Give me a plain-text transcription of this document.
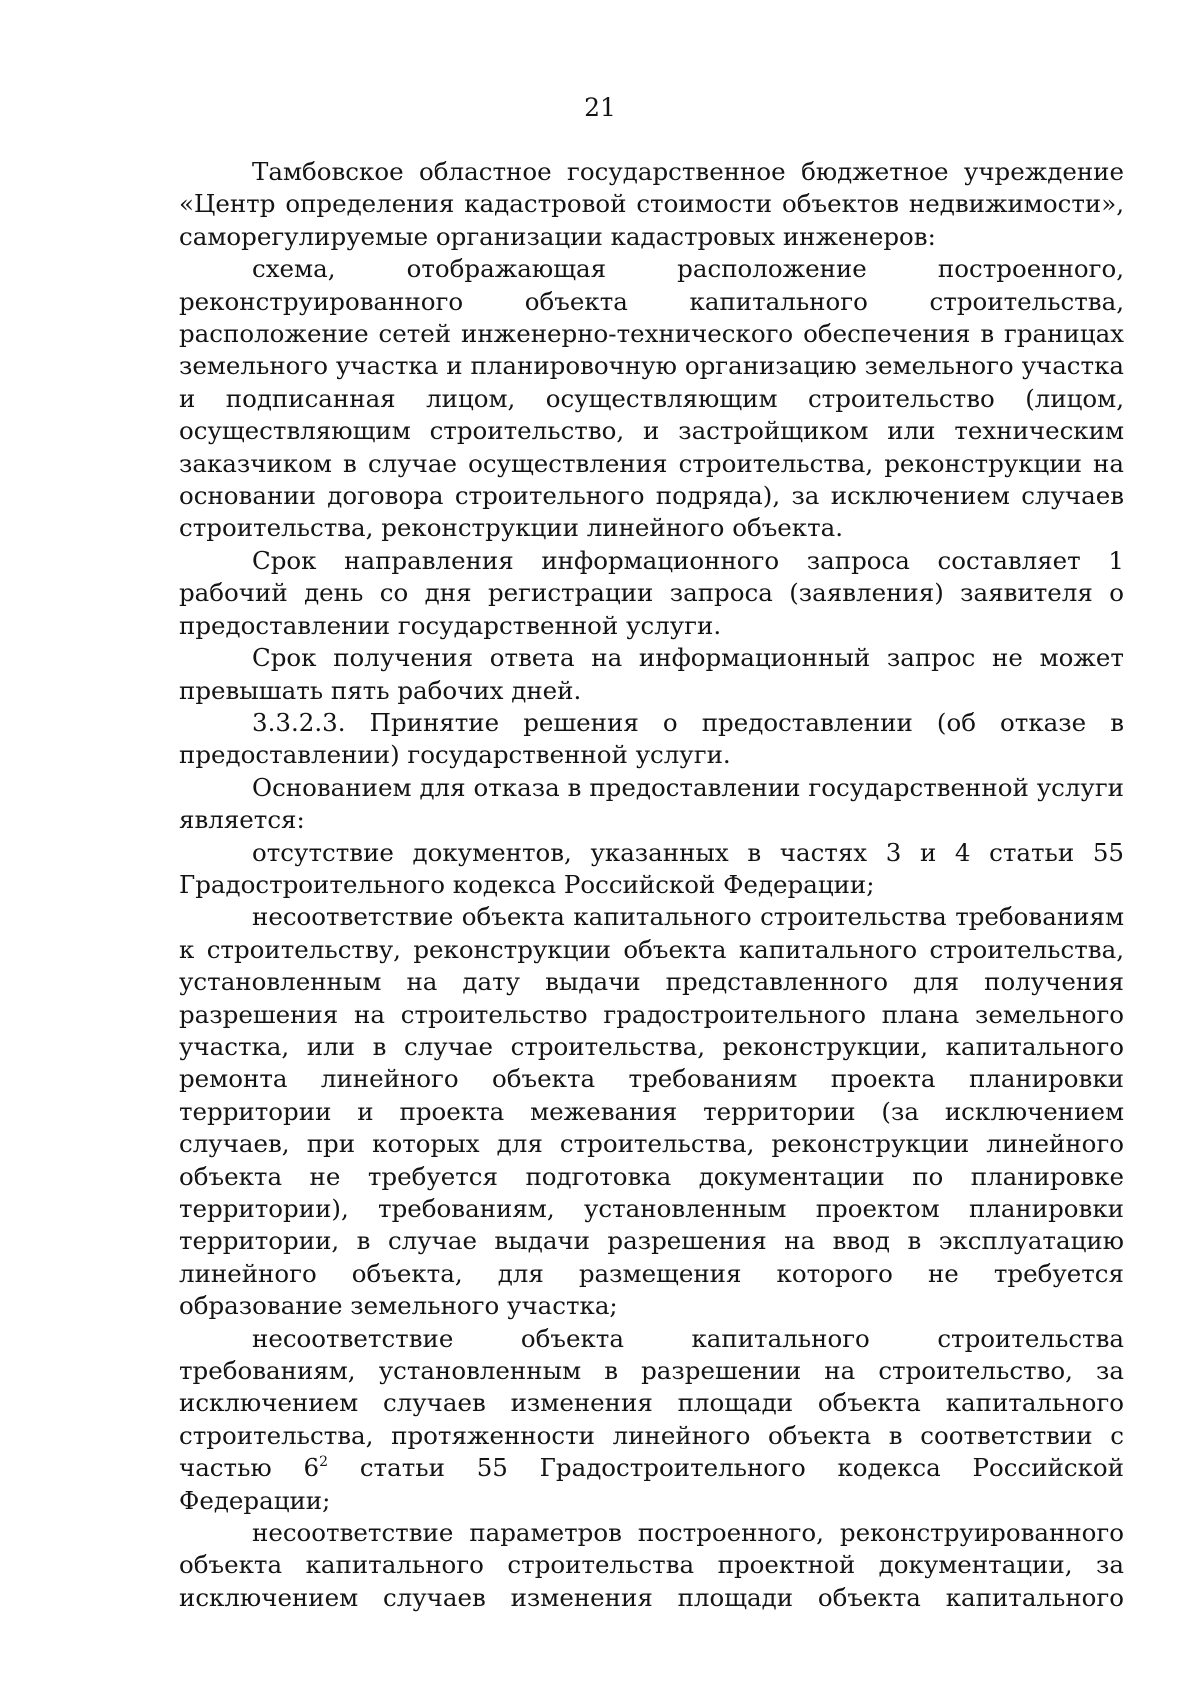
21

Тамбовское областное государственное бюджетное учреждение «Центр определения кадастровой стоимости объектов недвижимости», саморегулируемые организации кадастровых инженеров:

схема, отображающая расположение построенного, реконструированного объекта капитального строительства, расположение сетей инженерно-технического обеспечения в границах земельного участка и планировочную организацию земельного участка и подписанная лицом, осуществляющим строительство (лицом, осуществляющим строительство, и застройщиком или техническим заказчиком в случае осуществления строительства, реконструкции на основании договора строительного подряда), за исключением случаев строительства, реконструкции линейного объекта.

Срок направления информационного запроса составляет 1 рабочий день со дня регистрации запроса (заявления) заявителя о предоставлении государственной услуги.

Срок получения ответа на информационный запрос не может превышать пять рабочих дней.

3.3.2.3. Принятие решения о предоставлении (об отказе в предоставлении) государственной услуги.

Основанием для отказа в предоставлении государственной услуги является:

отсутствие документов, указанных в частях 3 и 4 статьи 55 Градостроительного кодекса Российской Федерации;

несоответствие объекта капитального строительства требованиям к строительству, реконструкции объекта капитального строительства, установленным на дату выдачи представленного для получения разрешения на строительство градостроительного плана земельного участка, или в случае строительства, реконструкции, капитального ремонта линейного объекта требованиям проекта планировки территории и проекта межевания территории (за исключением случаев, при которых для строительства, реконструкции линейного объекта не требуется подготовка документации по планировке территории), требованиям, установленным проектом планировки территории, в случае выдачи разрешения на ввод в эксплуатацию линейного объекта, для размещения которого не требуется образование земельного участка;

несоответствие объекта капитального строительства требованиям, установленным в разрешении на строительство, за исключением случаев изменения площади объекта капитального строительства, протяженности линейного объекта в соответствии с частью $6^2$ статьи 55 Градостроительного кодекса Российской Федерации;

несоответствие параметров построенного, реконструированного объекта капитального строительства проектной документации, за исключением случаев изменения площади объекта капитального
